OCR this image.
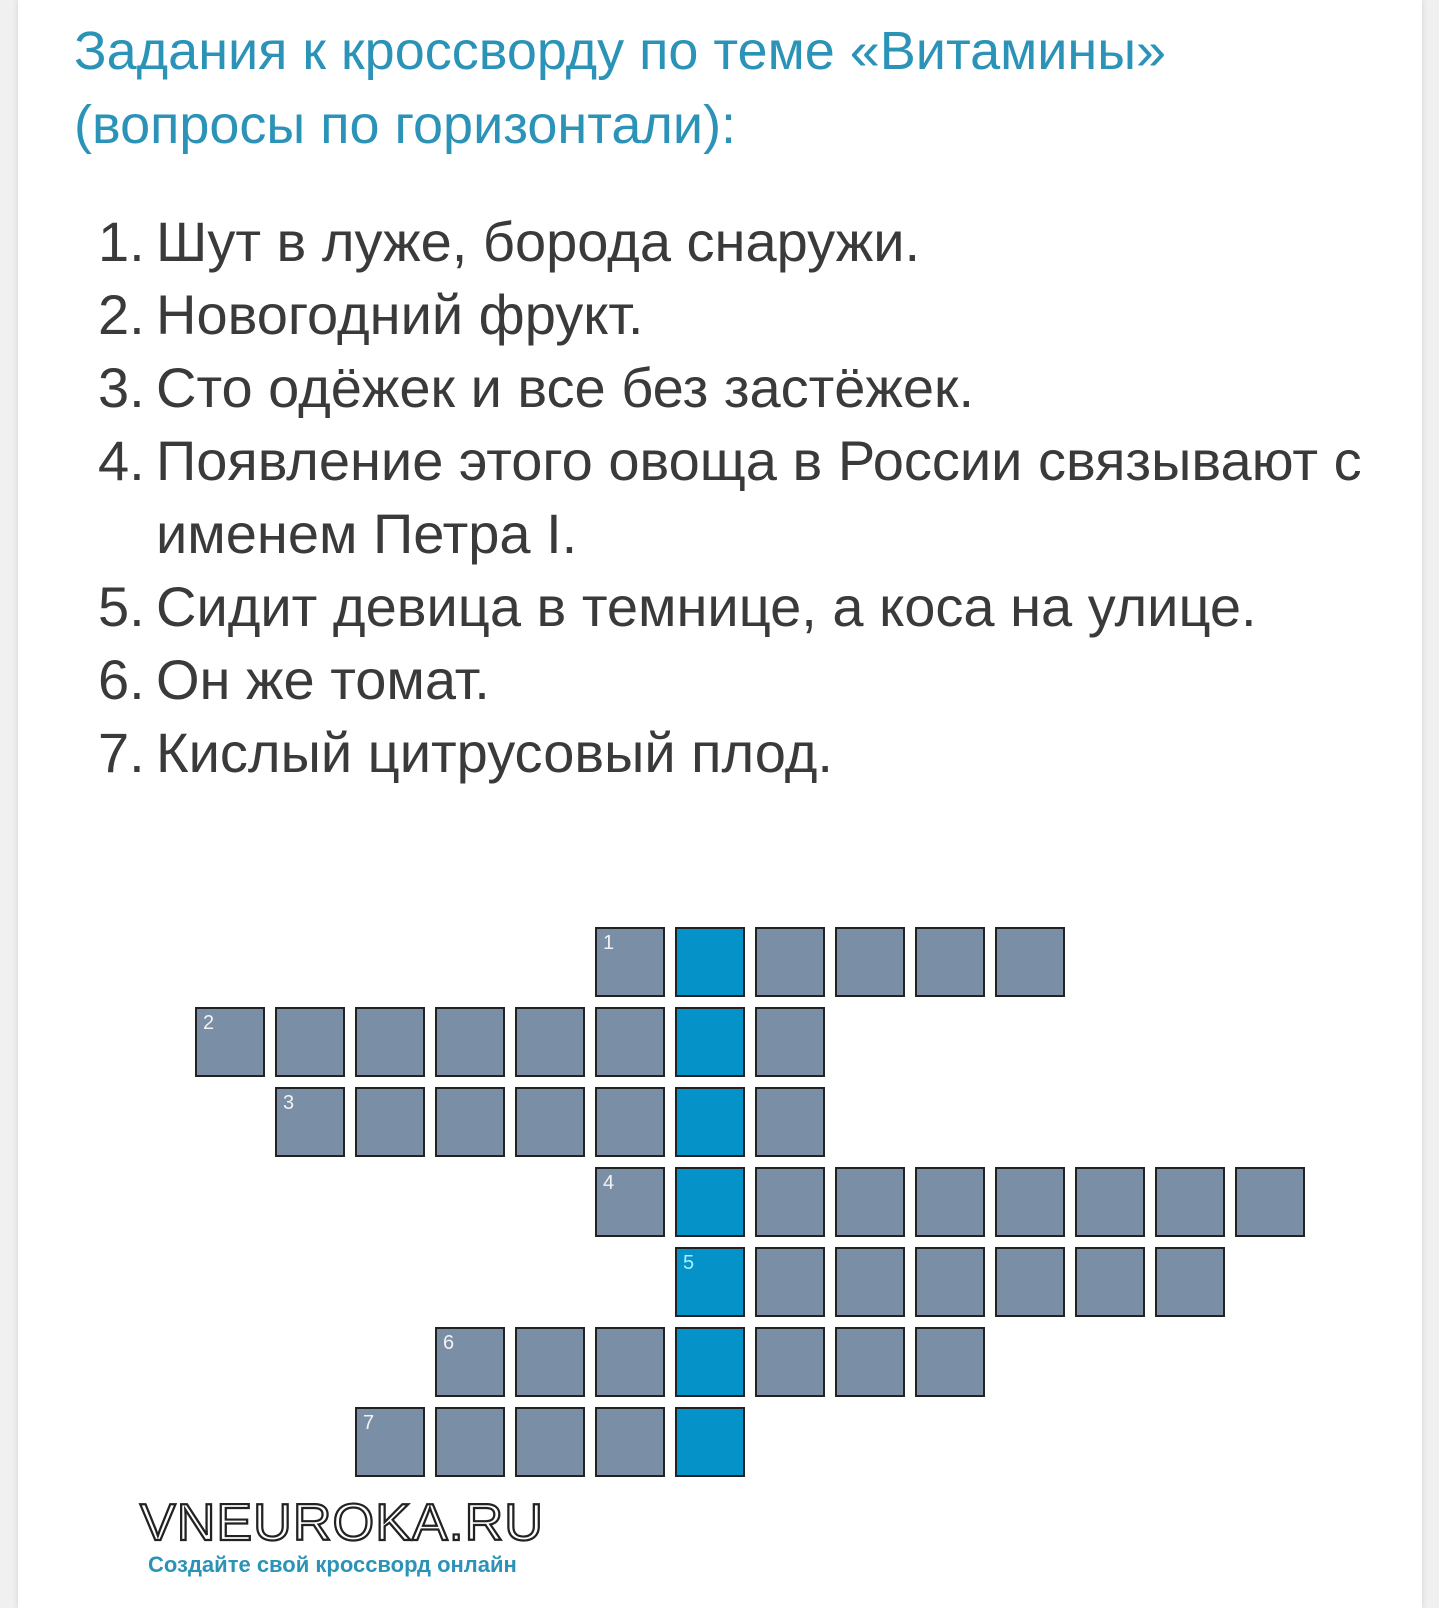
Задания к кроссворду по теме «Витамины»
(вопросы по горизонтали):
1. Шут в луже, борода снаружи.
2. Новогодний фрукт.
3. Сто одёжек и все без застёжек.
4. Появление этого овоща в России связывают с именем Петра I.
5. Сидит девица в темнице, а коса на улице.
6. Он же томат.
7. Кислый цитрусовый плод.
1
2
3
4
5
6
7
VNEUROKA.RU
Создайте свой кроссворд онлайн
